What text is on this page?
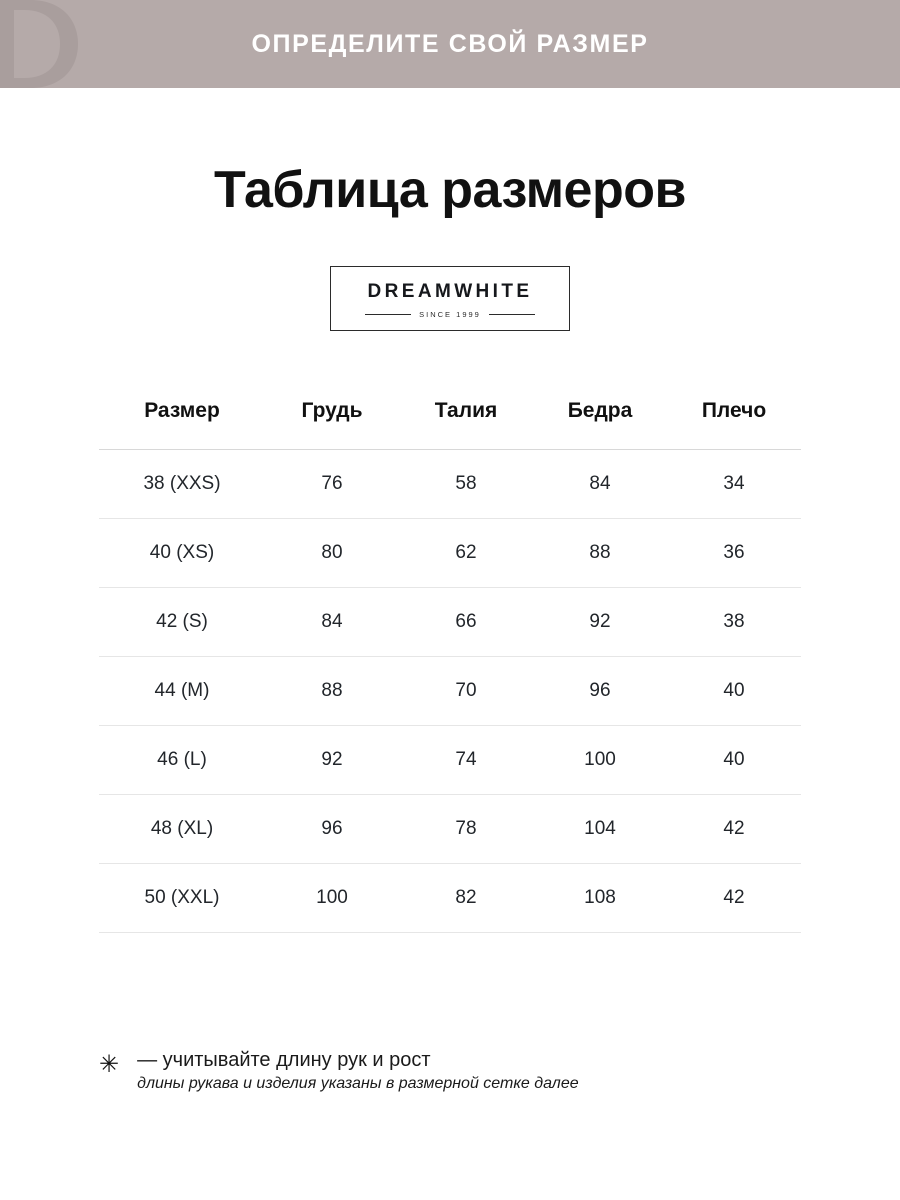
ОПРЕДЕЛИТЕ СВОЙ РАЗМЕР
Таблица размеров
DREAMWHITE
SINCE 1999
Размер	Грудь	Талия	Бедра	Плечо
38 (XXS)	76	58	84	34
40 (XS)	80	62	88	36
42 (S)	84	66	92	38
44 (M)	88	70	96	40
46 (L)	92	74	100	40
48 (XL)	96	78	104	42
50 (XXL)	100	82	108	42
✳ — учитывайте длину рук и рост
длины рукава и изделия указаны в размерной сетке далее
